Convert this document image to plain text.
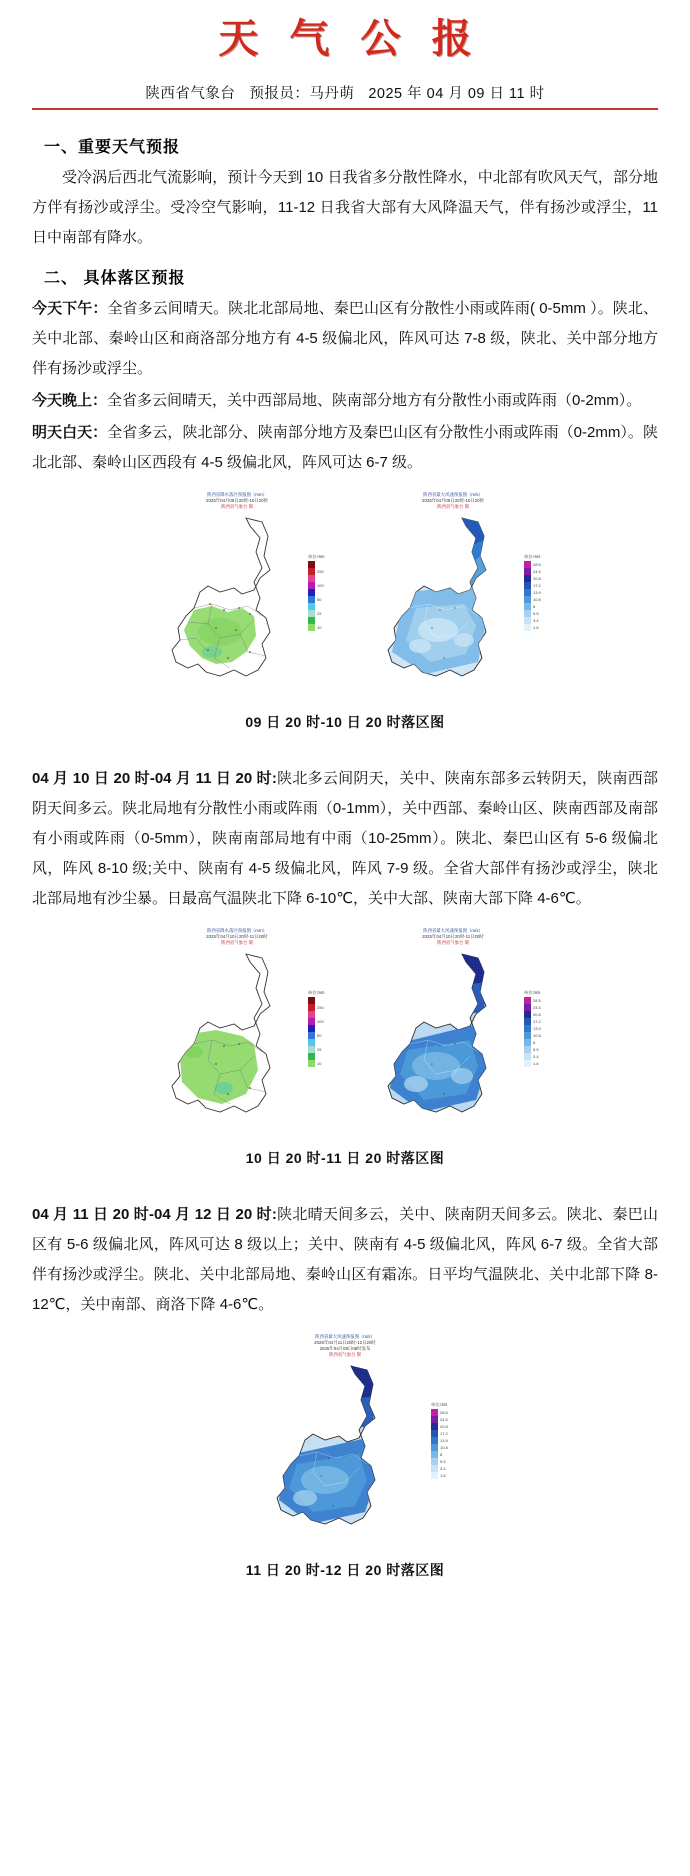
天 气 公 报
陕西省气象台 预报员：马丹萌 2025 年 04 月 09 日 11 时
一、重要天气预报

受冷涡后西北气流影响，预计今天到 10 日我省多分散性降水，中北部有吹风天气，部分地方伴有扬沙或浮尘。受冷空气影响，11-12 日我省大部有大风降温天气，伴有扬沙或浮尘，11 日中南部有降水。

二、 具体落区预报

今天下午：全省多云间晴天。陕北北部局地、秦巴山区有分散性小雨或阵雨( 0-5mm ）。陕北、关中北部、秦岭山区和商洛部分地方有 4-5 级偏北风，阵风可达 7-8 级，陕北、关中部分地方伴有扬沙或浮尘。

今天晚上：全省多云间晴天，关中西部局地、陕南部分地方有分散性小雨或阵雨（0-2mm）。

明天白天：全省多云，陕北部分、陕南部分地方及秦巴山区有分散性小雨或阵雨（0-2mm）。陕北北部、秦岭山区西段有 4-5 级偏北风，阵风可达 6-7 级。

陕西省降水落区预报图（mm）
2025年04月09日20时-10日20时
陕西省气象台 制
单位:mm
250
100
50
25
10
陕西省最大风速预报图（m/s）
2025年04月09日20时-10日20时
陕西省气象台 制
单位:m/s
28.5
24.5
20.8
17.2
13.9
10.8
8
5.5
3.4
1.6
09 日 20 时-10 日 20 时落区图

04 月 10 日 20 时-04 月 11 日 20 时:陕北多云间阴天，关中、陕南东部多云转阴天，陕南西部阴天间多云。陕北局地有分散性小雨或阵雨（0-1mm），关中西部、秦岭山区、陕南西部及南部有小雨或阵雨（0-5mm），陕南南部局地有中雨（10-25mm）。陕北、秦巴山区有 5-6 级偏北风，阵风 8-10 级;关中、陕南有 4-5 级偏北风，阵风 7-9 级。全省大部伴有扬沙或浮尘，陕北北部局地有沙尘暴。日最高气温陕北下降 6-10℃，关中大部、陕南大部下降 4-6℃。

陕西省降水落区预报图（mm）
2025年04月10日20时-11日20时
陕西省气象台 制
单位:mm
250
100
50
25
10
陕西省最大风速预报图（m/s）
2025年04月10日20时-11日20时
陕西省气象台 制
单位:m/s
28.5
24.5
20.8
17.2
13.9
10.8
8
5.5
3.4
1.6
10 日 20 时-11 日 20 时落区图

04 月 11 日 20 时-04 月 12 日 20 时:陕北晴天间多云，关中、陕南阴天间多云。陕北、秦巴山区有 5-6 级偏北风，阵风可达 8 级以上；关中、陕南有 4-5 级偏北风，阵风 6-7 级。全省大部伴有扬沙或浮尘。陕北、关中北部局地、秦岭山区有霜冻。日平均气温陕北、关中北部下降 8-12℃，关中南部、商洛下降 4-6℃。

陕西省最大风速预报图（m/s）
2025年04月11日20时-12日20时
2025年04月09日08时发布
陕西省气象台 制
单位:m/s
28.5
24.5
20.8
17.2
13.9
10.8
8
5.5
3.4
1.6
11 日 20 时-12 日 20 时落区图
